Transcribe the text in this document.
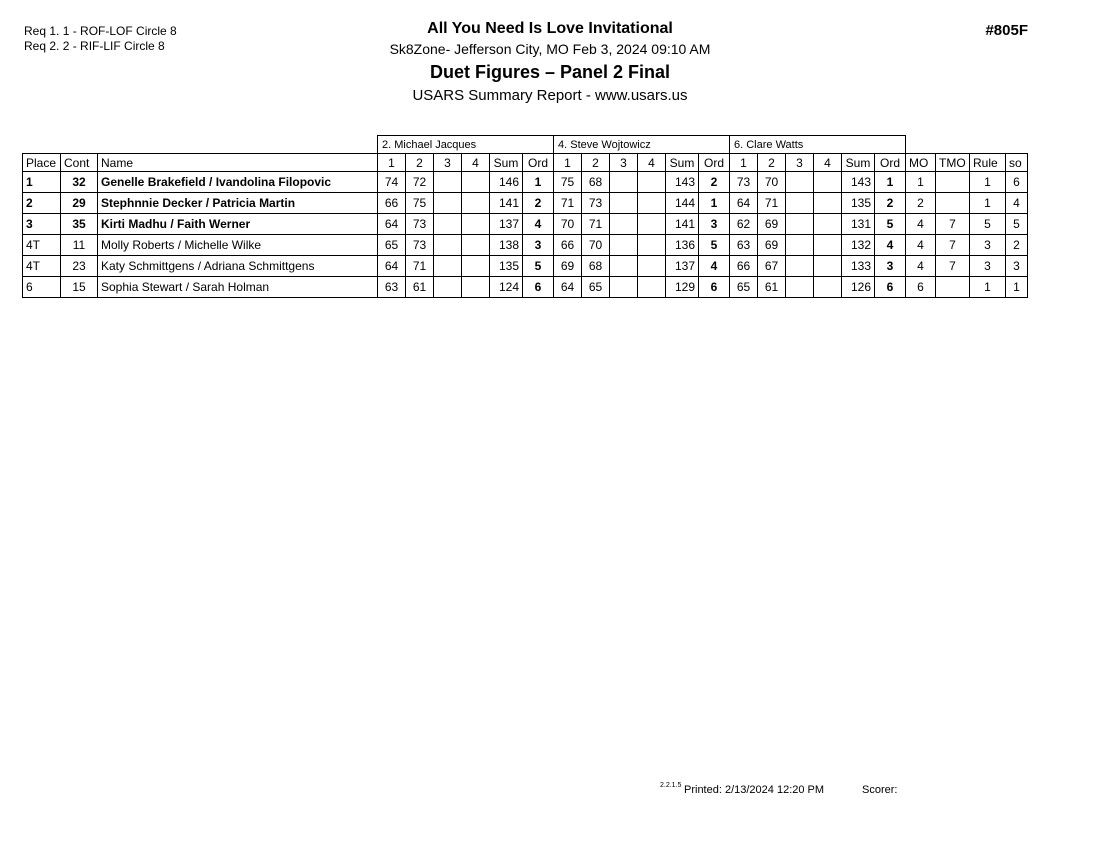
Req 1. 1 - ROF-LOF Circle 8
Req 2. 2 - RIF-LIF Circle 8
#805F
All You Need Is Love Invitational
Sk8Zone- Jefferson City, MO Feb 3, 2024 09:10 AM
Duet Figures – Panel 2 Final
USARS Summary Report - www.usars.us
			2. Michael Jacques						4. Steve Wojtowicz						6. Clare Watts									
Place	Cont	Name	1	2	3	4	Sum	Ord	1	2	3	4	Sum	Ord	1	2	3	4	Sum	Ord	MO	TMO	Rule	so
1	32	Genelle Brakefield / Ivandolina Filopovic	74	72			146	1	75	68			143	2	73	70			143	1	1		1	6
2	29	Stephnnie Decker / Patricia Martin	66	75			141	2	71	73			144	1	64	71			135	2	2		1	4
3	35	Kirti Madhu / Faith Werner	64	73			137	4	70	71			141	3	62	69			131	5	4	7	5	5
4T	11	Molly Roberts / Michelle Wilke	65	73			138	3	66	70			136	5	63	69			132	4	4	7	3	2
4T	23	Katy Schmittgens / Adriana Schmittgens	64	71			135	5	69	68			137	4	66	67			133	3	4	7	3	3
6	15	Sophia Stewart / Sarah Holman	63	61			124	6	64	65			129	6	65	61			126	6	6		1	1
2.2.1.5 Printed: 2/13/2024 12:20 PM	Scorer:
